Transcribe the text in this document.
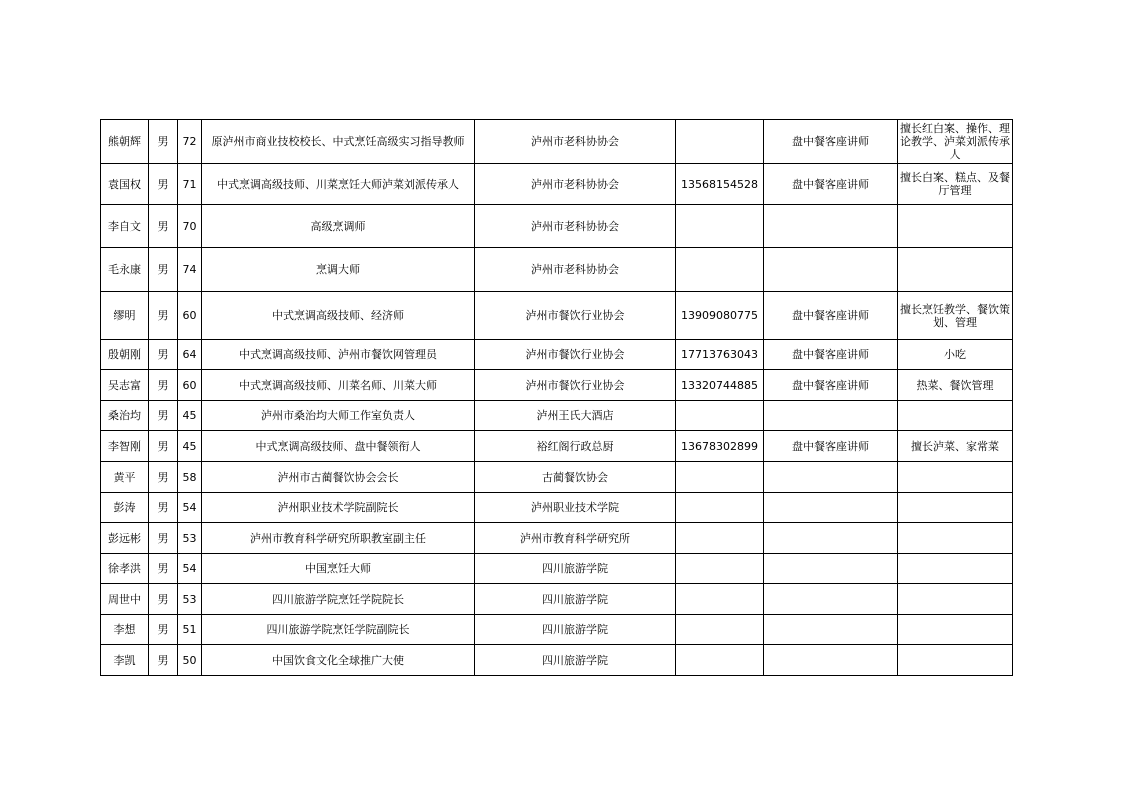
熊朝辉	男	72	原泸州市商业技校校长、中式烹饪高级实习指导教师	泸州市老科协协会		盘中餐客座讲师	擅长红白案、操作、理论教学、泸菜刘派传承人
袁国权	男	71	中式烹调高级技师、川菜烹饪大师泸菜刘派传承人	泸州市老科协协会	13568154528	盘中餐客座讲师	擅长白案、糕点、及餐厅管理
李自文	男	70	高级烹调师	泸州市老科协协会			
毛永康	男	74	烹调大师	泸州市老科协协会			
缪明	男	60	中式烹调高级技师、经济师	泸州市餐饮行业协会	13909080775	盘中餐客座讲师	擅长烹饪教学、餐饮策划、管理
殷朝刚	男	64	中式烹调高级技师、泸州市餐饮网管理员	泸州市餐饮行业协会	17713763043	盘中餐客座讲师	小吃
吴志富	男	60	中式烹调高级技师、川菜名师、川菜大师	泸州市餐饮行业协会	13320744885	盘中餐客座讲师	热菜、餐饮管理
桑治均	男	45	泸州市桑治均大师工作室负责人	泸州王氏大酒店			
李智刚	男	45	中式烹调高级技师、盘中餐领衔人	裕红阁行政总厨	13678302899	盘中餐客座讲师	擅长泸菜、家常菜
黄平	男	58	泸州市古蔺餐饮协会会长	古蔺餐饮协会			
彭涛	男	54	泸州职业技术学院副院长	泸州职业技术学院			
彭远彬	男	53	泸州市教育科学研究所职教室副主任	泸州市教育科学研究所			
徐孝洪	男	54	中国烹饪大师	四川旅游学院			
周世中	男	53	四川旅游学院烹饪学院院长	四川旅游学院			
李想	男	51	四川旅游学院烹饪学院副院长	四川旅游学院			
李凯	男	50	中国饮食文化全球推广大使	四川旅游学院			
